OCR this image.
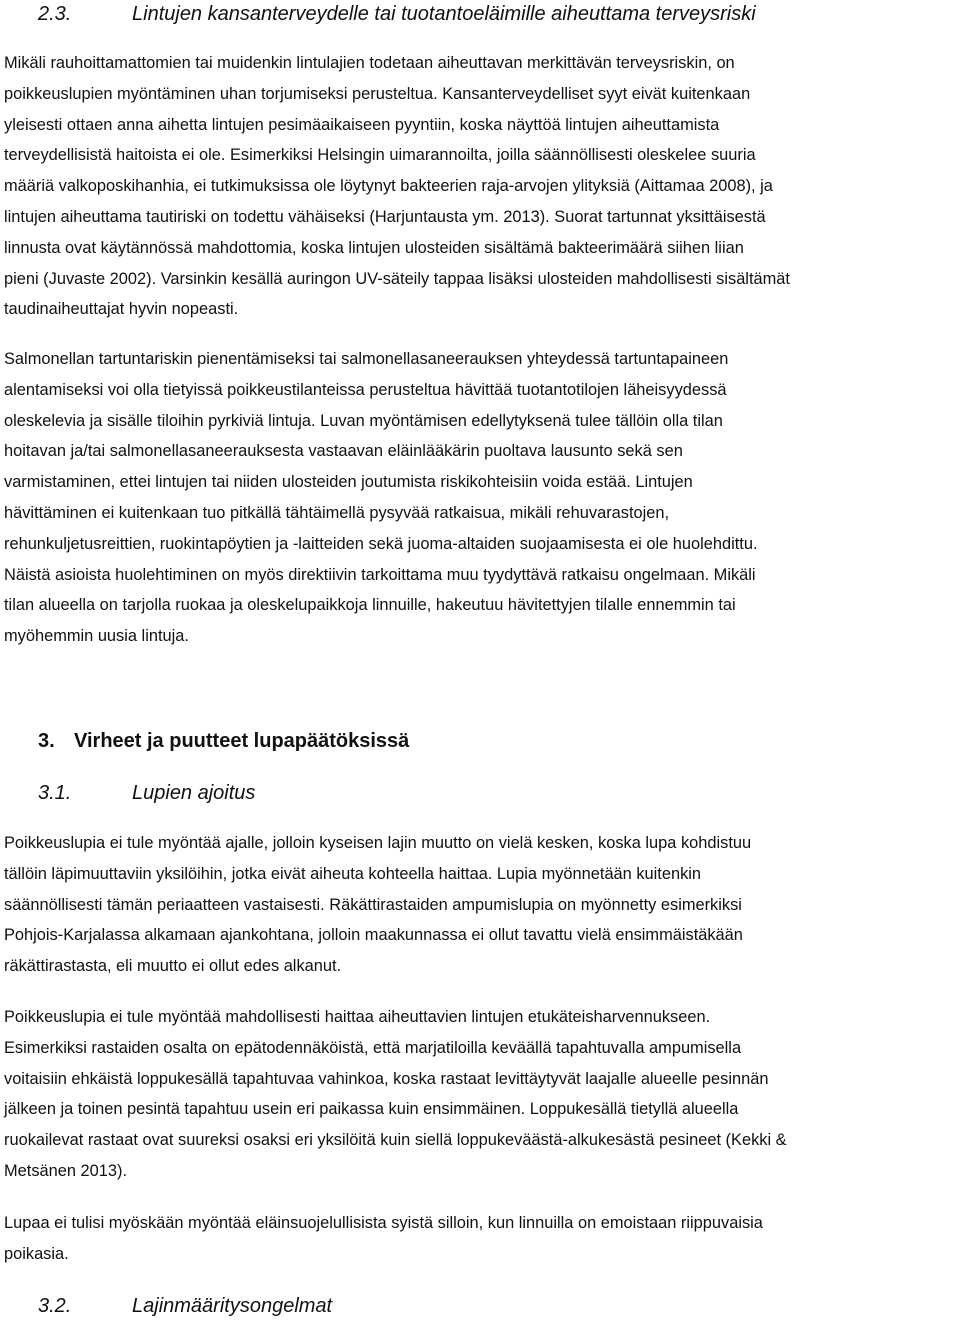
2.3.	Lintujen kansanterveydelle tai tuotantoeläimille aiheuttama terveysriski
Mikäli rauhoittamattomien tai muidenkin lintulajien todetaan aiheuttavan merkittävän terveysriskin, on
poikkeuslupien myöntäminen uhan torjumiseksi perusteltua. Kansanterveydelliset syyt eivät kuitenkaan
yleisesti ottaen anna aihetta lintujen pesimäaikaiseen pyyntiin, koska näyttöä lintujen aiheuttamista
terveydellisistä haitoista ei ole. Esimerkiksi Helsingin uimarannoilta, joilla säännöllisesti oleskelee suuria
määriä valkoposkihanhia, ei tutkimuksissa ole löytynyt bakteerien raja-arvojen ylityksiä (Aittamaa 2008), ja
lintujen aiheuttama tautiriski on todettu vähäiseksi (Harjuntausta ym. 2013). Suorat tartunnat yksittäisestä
linnusta ovat käytännössä mahdottomia, koska lintujen ulosteiden sisältämä bakteerimäärä siihen liian
pieni (Juvaste 2002). Varsinkin kesällä auringon UV-säteily tappaa lisäksi ulosteiden mahdollisesti sisältämät
taudinaiheuttajat hyvin nopeasti.
Salmonellan tartuntariskin pienentämiseksi tai salmonellasaneerauksen yhteydessä tartuntapaineen
alentamiseksi voi olla tietyissä poikkeustilanteissa perusteltua hävittää tuotantotilojen läheisyydessä
oleskelevia ja sisälle tiloihin pyrkiviä lintuja. Luvan myöntämisen edellytyksenä tulee tällöin olla tilan
hoitavan ja/tai salmonellasaneerauksesta vastaavan eläinlääkärin puoltava lausunto sekä sen
varmistaminen, ettei lintujen tai niiden ulosteiden joutumista riskikohteisiin voida estää. Lintujen
hävittäminen ei kuitenkaan tuo pitkällä tähtäimellä pysyvää ratkaisua, mikäli rehuvarastojen,
rehunkuljetusreittien, ruokintapöytien ja -laitteiden sekä juoma-altaiden suojaamisesta ei ole huolehdittu.
Näistä asioista huolehtiminen on myös direktiivin tarkoittama muu tyydyttävä ratkaisu ongelmaan. Mikäli
tilan alueella on tarjolla ruokaa ja oleskelupaikkoja linnuille, hakeutuu hävitettyjen tilalle ennemmin tai
myöhemmin uusia lintuja.
3. Virheet ja puutteet lupapäätöksissä
3.1.	Lupien ajoitus
Poikkeuslupia ei tule myöntää ajalle, jolloin kyseisen lajin muutto on vielä kesken, koska lupa kohdistuu
tällöin läpimuuttaviin yksilöihin, jotka eivät aiheuta kohteella haittaa. Lupia myönnetään kuitenkin
säännöllisesti tämän periaatteen vastaisesti. Räkättirastaiden ampumislupia on myönnetty esimerkiksi
Pohjois-Karjalassa alkamaan ajankohtana, jolloin maakunnassa ei ollut tavattu vielä ensimmäistäkään
räkättirastasta, eli muutto ei ollut edes alkanut.
Poikkeuslupia ei tule myöntää mahdollisesti haittaa aiheuttavien lintujen etukäteisharvennukseen.
Esimerkiksi rastaiden osalta on epätodennäköistä, että marjatiloilla keväällä tapahtuvalla ampumisella
voitaisiin ehkäistä loppukesällä tapahtuvaa vahinkoa, koska rastaat levittäytyvät laajalle alueelle pesinnän
jälkeen ja toinen pesintä tapahtuu usein eri paikassa kuin ensimmäinen. Loppukesällä tietyllä alueella
ruokailevat rastaat ovat suureksi osaksi eri yksilöitä kuin siellä loppukeväästä-alkukesästä pesineet (Kekki &
Metsänen 2013).
Lupaa ei tulisi myöskään myöntää eläinsuojelullisista syistä silloin, kun linnuilla on emoistaan riippuvaisia
poikasia.
3.2.	Lajinmääritysongelmat
